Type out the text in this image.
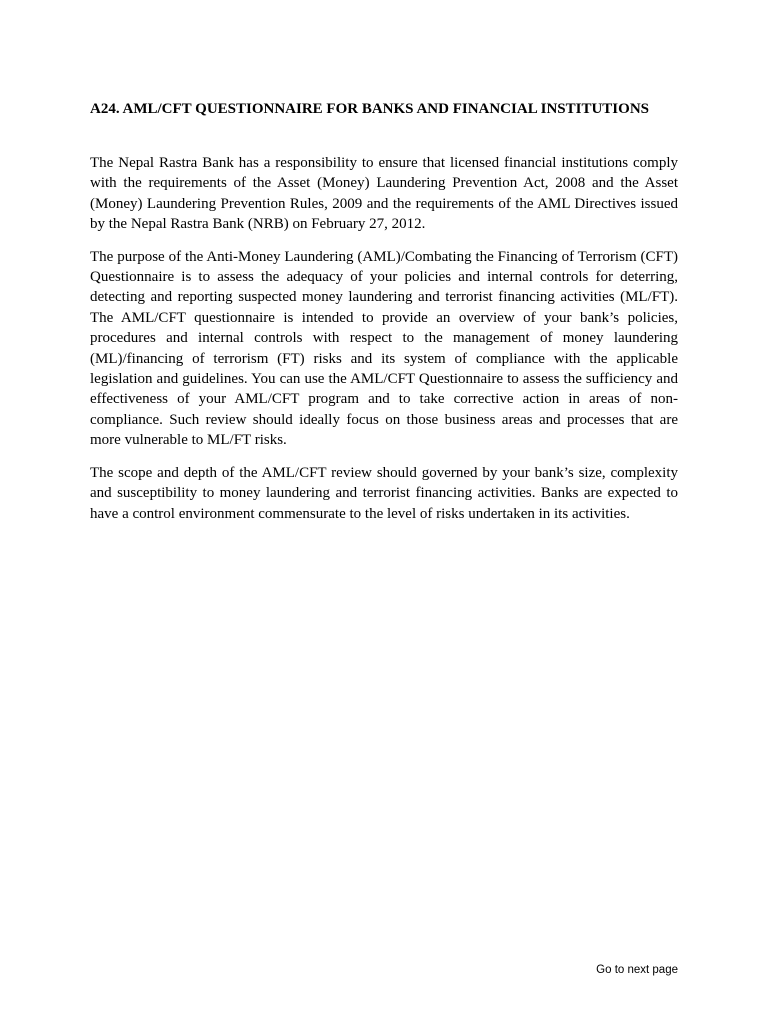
A24. AML/CFT QUESTIONNAIRE FOR BANKS AND FINANCIAL INSTITUTIONS

The Nepal Rastra Bank has a responsibility to ensure that licensed financial institutions comply with the requirements of the Asset (Money) Laundering Prevention Act, 2008 and the Asset (Money) Laundering Prevention Rules, 2009 and the requirements of the AML Directives issued by the Nepal Rastra Bank (NRB) on February 27, 2012.

The purpose of the Anti-Money Laundering (AML)/Combating the Financing of Terrorism (CFT) Questionnaire is to assess the adequacy of your policies and internal controls for deterring, detecting and reporting suspected money laundering and terrorist financing activities (ML/FT). The AML/CFT questionnaire is intended to provide an overview of your bank’s policies, procedures and internal controls with respect to the management of money laundering (ML)/financing of terrorism (FT) risks and its system of compliance with the applicable legislation and guidelines. You can use the AML/CFT Questionnaire to assess the sufficiency and effectiveness of your AML/CFT program and to take corrective action in areas of non-compliance. Such review should ideally focus on those business areas and processes that are more vulnerable to ML/FT risks.

The scope and depth of the AML/CFT review should governed by your bank’s size, complexity and susceptibility to money laundering and terrorist financing activities. Banks are expected to have a control environment commensurate to the level of risks undertaken in its activities.

Go to next page
